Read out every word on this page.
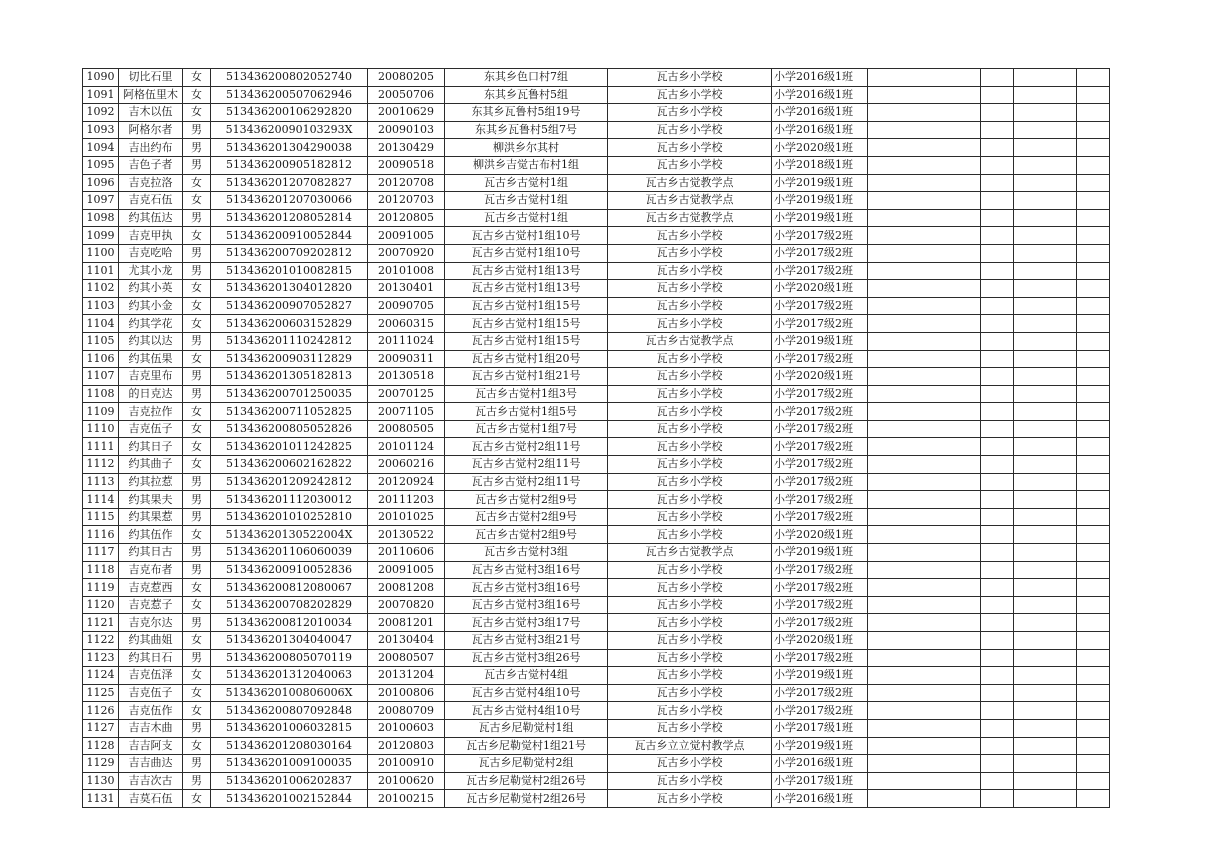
1090	切比石里	女	513436200802052740	20080205	东其乡色口村7组	瓦古乡小学校	小学2016级1班				
1091	阿格伍里木	女	513436200507062946	20050706	东其乡瓦鲁村5组	瓦古乡小学校	小学2016级1班				
1092	吉木以伍	女	513436200106292820	20010629	东其乡瓦鲁村5组19号	瓦古乡小学校	小学2016级1班				
1093	阿格尔者	男	51343620090103293X	20090103	东其乡瓦鲁村5组7号	瓦古乡小学校	小学2016级1班				
1094	吉出约布	男	513436201304290038	20130429	柳洪乡尔其村	瓦古乡小学校	小学2020级1班				
1095	吉色子者	男	513436200905182812	20090518	柳洪乡吉觉古布村1组	瓦古乡小学校	小学2018级1班				
1096	吉克拉洛	女	513436201207082827	20120708	瓦古乡古觉村1组	瓦古乡古觉教学点	小学2019级1班				
1097	吉克石伍	女	513436201207030066	20120703	瓦古乡古觉村1组	瓦古乡古觉教学点	小学2019级1班				
1098	约其伍达	男	513436201208052814	20120805	瓦古乡古觉村1组	瓦古乡古觉教学点	小学2019级1班				
1099	吉克甲执	女	513436200910052844	20091005	瓦古乡古觉村1组10号	瓦古乡小学校	小学2017级2班				
1100	吉克吃哈	男	513436200709202812	20070920	瓦古乡古觉村1组10号	瓦古乡小学校	小学2017级2班				
1101	尤其小龙	男	513436201010082815	20101008	瓦古乡古觉村1组13号	瓦古乡小学校	小学2017级2班				
1102	约其小英	女	513436201304012820	20130401	瓦古乡古觉村1组13号	瓦古乡小学校	小学2020级1班				
1103	约其小金	女	513436200907052827	20090705	瓦古乡古觉村1组15号	瓦古乡小学校	小学2017级2班				
1104	约其学花	女	513436200603152829	20060315	瓦古乡古觉村1组15号	瓦古乡小学校	小学2017级2班				
1105	约其以达	男	513436201110242812	20111024	瓦古乡古觉村1组15号	瓦古乡古觉教学点	小学2019级1班				
1106	约其伍果	女	513436200903112829	20090311	瓦古乡古觉村1组20号	瓦古乡小学校	小学2017级2班				
1107	吉克里布	男	513436201305182813	20130518	瓦古乡古觉村1组21号	瓦古乡小学校	小学2020级1班				
1108	的日克达	男	513436200701250035	20070125	瓦古乡古觉村1组3号	瓦古乡小学校	小学2017级2班				
1109	吉克拉作	女	513436200711052825	20071105	瓦古乡古觉村1组5号	瓦古乡小学校	小学2017级2班				
1110	吉克伍子	女	513436200805052826	20080505	瓦古乡古觉村1组7号	瓦古乡小学校	小学2017级2班				
1111	约其日子	女	513436201011242825	20101124	瓦古乡古觉村2组11号	瓦古乡小学校	小学2017级2班				
1112	约其曲子	女	513436200602162822	20060216	瓦古乡古觉村2组11号	瓦古乡小学校	小学2017级2班				
1113	约其拉惹	男	513436201209242812	20120924	瓦古乡古觉村2组11号	瓦古乡小学校	小学2017级2班				
1114	约其果夫	男	513436201112030012	20111203	瓦古乡古觉村2组9号	瓦古乡小学校	小学2017级2班				
1115	约其果惹	男	513436201010252810	20101025	瓦古乡古觉村2组9号	瓦古乡小学校	小学2017级2班				
1116	约其伍作	女	51343620130522004X	20130522	瓦古乡古觉村2组9号	瓦古乡小学校	小学2020级1班				
1117	约其日古	男	513436201106060039	20110606	瓦古乡古觉村3组	瓦古乡古觉教学点	小学2019级1班				
1118	吉克布者	男	513436200910052836	20091005	瓦古乡古觉村3组16号	瓦古乡小学校	小学2017级2班				
1119	吉克惹西	女	513436200812080067	20081208	瓦古乡古觉村3组16号	瓦古乡小学校	小学2017级2班				
1120	吉克惹子	女	513436200708202829	20070820	瓦古乡古觉村3组16号	瓦古乡小学校	小学2017级2班				
1121	吉克尔达	男	513436200812010034	20081201	瓦古乡古觉村3组17号	瓦古乡小学校	小学2017级2班				
1122	约其曲姐	女	513436201304040047	20130404	瓦古乡古觉村3组21号	瓦古乡小学校	小学2020级1班				
1123	约其日石	男	513436200805070119	20080507	瓦古乡古觉村3组26号	瓦古乡小学校	小学2017级2班				
1124	吉克伍泽	女	513436201312040063	20131204	瓦古乡古觉村4组	瓦古乡小学校	小学2019级1班				
1125	吉克伍子	女	51343620100806006X	20100806	瓦古乡古觉村4组10号	瓦古乡小学校	小学2017级2班				
1126	吉克伍作	女	513436200807092848	20080709	瓦古乡古觉村4组10号	瓦古乡小学校	小学2017级2班				
1127	吉吉木曲	男	513436201006032815	20100603	瓦古乡尼勒觉村1组	瓦古乡小学校	小学2017级1班				
1128	吉吉阿支	女	513436201208030164	20120803	瓦古乡尼勒觉村1组21号	瓦古乡立立觉村教学点	小学2019级1班				
1129	吉吉曲达	男	513436201009100035	20100910	瓦古乡尼勒觉村2组	瓦古乡小学校	小学2016级1班				
1130	吉吉次古	男	513436201006202837	20100620	瓦古乡尼勒觉村2组26号	瓦古乡小学校	小学2017级1班				
1131	吉莫石伍	女	513436201002152844	20100215	瓦古乡尼勒觉村2组26号	瓦古乡小学校	小学2016级1班				
